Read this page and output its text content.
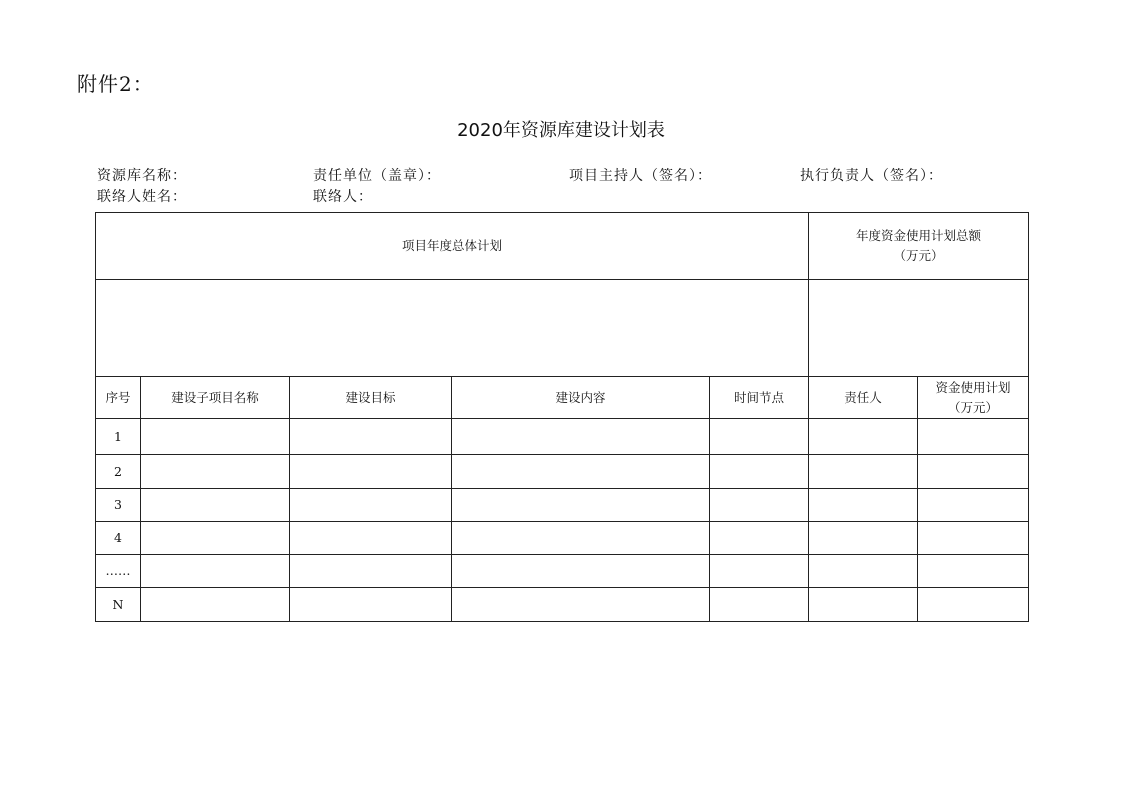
附件2：
2020年资源库建设计划表
资源库名称：	责任单位（盖章）：	项目主持人（签名）：	执行负责人（签名）：
联络人姓名：	联络人：
项目年度总体计划					年度资金使用计划总额
（万元）	

序号	建设子项目名称	建设目标	建设内容	时间节点	责任人	资金使用计划
（万元）

1						
2						
3						
4						
……						
N						
